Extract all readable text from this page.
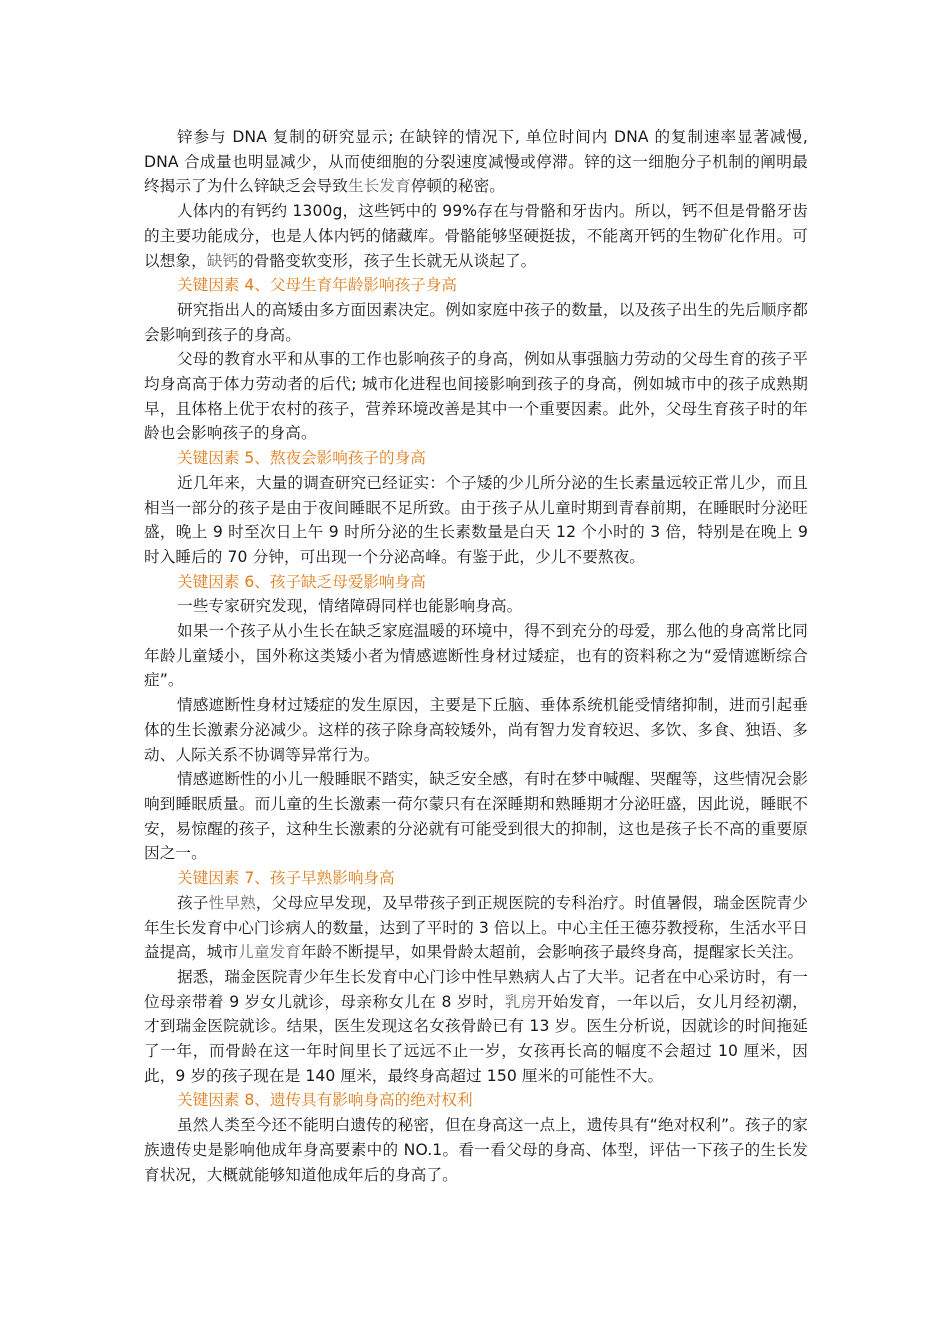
锌参与 DNA 复制的研究显示; 在缺锌的情况下, 单位时间内 DNA 的复制速率显著减慢, DNA 合成量也明显减少，从而使细胞的分裂速度减慢或停滞。锌的这一细胞分子机制的阐明最终揭示了为什么锌缺乏会导致生长发育停顿的秘密。

人体内的有钙约 1300g，这些钙中的 99%存在与骨骼和牙齿内。所以，钙不但是骨骼牙齿的主要功能成分，也是人体内钙的储藏库。骨骼能够坚硬挺拔，不能离开钙的生物矿化作用。可以想象，缺钙的骨骼变软变形，孩子生长就无从谈起了。

关键因素 4、父母生育年龄影响孩子身高

研究指出人的高矮由多方面因素决定。例如家庭中孩子的数量，以及孩子出生的先后顺序都会影响到孩子的身高。

父母的教育水平和从事的工作也影响孩子的身高，例如从事强脑力劳动的父母生育的孩子平均身高高于体力劳动者的后代; 城市化进程也间接影响到孩子的身高，例如城市中的孩子成熟期早，且体格上优于农村的孩子，营养环境改善是其中一个重要因素。此外，父母生育孩子时的年龄也会影响孩子的身高。

关键因素 5、熬夜会影响孩子的身高

近几年来，大量的调查研究已经证实：个子矮的少儿所分泌的生长素量远较正常儿少，而且相当一部分的孩子是由于夜间睡眠不足所致。由于孩子从儿童时期到青春前期，在睡眠时分泌旺盛，晚上 9 时至次日上午 9 时所分泌的生长素数量是白天 12 个小时的 3 倍，特别是在晚上 9 时入睡后的 70 分钟，可出现一个分泌高峰。有鉴于此，少儿不要熬夜。

关键因素 6、孩子缺乏母爱影响身高

一些专家研究发现，情绪障碍同样也能影响身高。

如果一个孩子从小生长在缺乏家庭温暖的环境中，得不到充分的母爱，那么他的身高常比同年龄儿童矮小，国外称这类矮小者为情感遮断性身材过矮症，也有的资料称之为“爱情遮断综合症”。

情感遮断性身材过矮症的发生原因，主要是下丘脑、垂体系统机能受情绪抑制，进而引起垂体的生长激素分泌减少。这样的孩子除身高较矮外，尚有智力发育较迟、多饮、多食、独语、多动、人际关系不协调等异常行为。

情感遮断性的小儿一般睡眠不踏实，缺乏安全感，有时在梦中喊醒、哭醒等，这些情况会影响到睡眠质量。而儿童的生长激素一荷尔蒙只有在深睡期和熟睡期才分泌旺盛，因此说，睡眠不安，易惊醒的孩子，这种生长激素的分泌就有可能受到很大的抑制，这也是孩子长不高的重要原因之一。

关键因素 7、孩子早熟影响身高

孩子性早熟，父母应早发现，及早带孩子到正规医院的专科治疗。时值暑假，瑞金医院青少年生长发育中心门诊病人的数量，达到了平时的 3 倍以上。中心主任王德芬教授称，生活水平日益提高，城市儿童发育年龄不断提早，如果骨龄太超前，会影响孩子最终身高，提醒家长关注。

据悉，瑞金医院青少年生长发育中心门诊中性早熟病人占了大半。记者在中心采访时，有一位母亲带着 9 岁女儿就诊，母亲称女儿在 8 岁时，乳房开始发育，一年以后，女儿月经初潮，才到瑞金医院就诊。结果，医生发现这名女孩骨龄已有 13 岁。医生分析说，因就诊的时间拖延了一年，而骨龄在这一年时间里长了远远不止一岁，女孩再长高的幅度不会超过 10 厘米，因此，9 岁的孩子现在是 140 厘米，最终身高超过 150 厘米的可能性不大。

关键因素 8、遗传具有影响身高的绝对权利

虽然人类至今还不能明白遗传的秘密，但在身高这一点上，遗传具有“绝对权利”。孩子的家族遗传史是影响他成年身高要素中的 NO.1。看一看父母的身高、体型，评估一下孩子的生长发育状况，大概就能够知道他成年后的身高了。
